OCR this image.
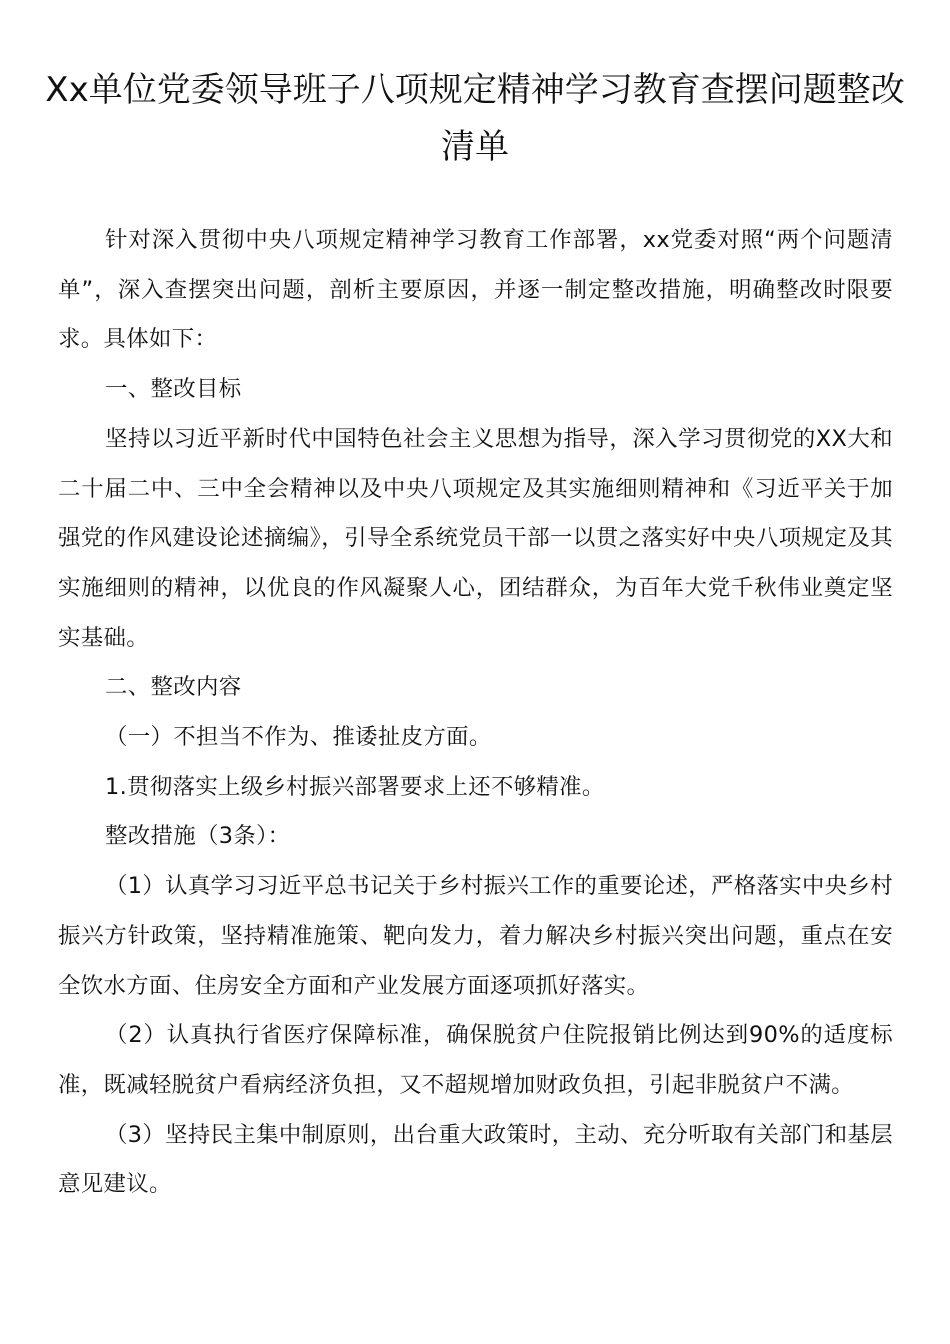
Xx单位党委领导班子八项规定精神学习教育查摆问题整改清单

针对深入贯彻中央八项规定精神学习教育工作部署，xx党委对照“两个问题清单”，深入查摆突出问题，剖析主要原因，并逐一制定整改措施，明确整改时限要求。具体如下：

一、整改目标

坚持以习近平新时代中国特色社会主义思想为指导，深入学习贯彻党的XX大和二十届二中、三中全会精神以及中央八项规定及其实施细则精神和《习近平关于加强党的作风建设论述摘编》，引导全系统党员干部一以贯之落实好中央八项规定及其实施细则的精神，以优良的作风凝聚人心，团结群众，为百年大党千秋伟业奠定坚实基础。

二、整改内容

（一）不担当不作为、推诿扯皮方面。

1.贯彻落实上级乡村振兴部署要求上还不够精准。

整改措施（3条）：

（1）认真学习习近平总书记关于乡村振兴工作的重要论述，严格落实中央乡村振兴方针政策，坚持精准施策、靶向发力，着力解决乡村振兴突出问题，重点在安全饮水方面、住房安全方面和产业发展方面逐项抓好落实。

（2）认真执行省医疗保障标准，确保脱贫户住院报销比例达到90%的适度标准，既减轻脱贫户看病经济负担，又不超规增加财政负担，引起非脱贫户不满。

（3）坚持民主集中制原则，出台重大政策时，主动、充分听取有关部门和基层意见建议。
